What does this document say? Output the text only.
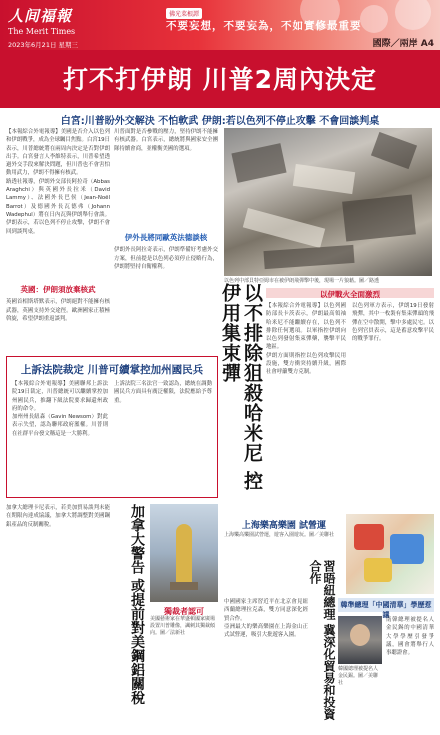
人间福報
The Merit Times
2023年6月21日 星期三
佛光菜根譚
不要妄想，不要妄為，不如實修最重要
國際／兩岸 A4
打不打伊朗 川普2周內決定
白宮:川普盼外交解決 不怕軟武 伊朗:若以色列不停止攻擊 不會回談判桌

【本報綜合外電報導】美國是否介入以色列和伊朗戰爭，成為全球矚目焦點。白宮19日表示，川普總統將在兩周內決定是否對伊朗出手。白宮發言人李維特表示，川普希望透過外交手段來解決問題，但川普也不會害怕動用武力，伊朗不得擁有核武。

路透社報導，伊朗外交部長阿拉奇（Abbas Araghchi）與英國外長拉米（David Lammy）、法國外長巴侯（Jean-Noël Barrot）及德國外長瓦德弗（Johann Wadephul）將在日內瓦與伊朗舉行會談。伊朗表示，若以色列不停止攻擊，伊朗不會回到談判桌。

英國：伊朗須放棄核武

英國首相斯塔默表示，伊朗絕對不能擁有核武器，英國支持外交途徑。歐洲國家正積極斡旋，希望伊朗重返談判。

川普面對是否參戰的壓力，堅持伊朗不能擁有核武器。白宮表示，總統將與國家安全團隊持續會商，並權衡美國的選項。

伊外長將同歐英法德談核

伊朗外長阿拉奇表示，伊朗準備好考慮外交方案，但前提是以色列必須停止侵略行為，伊朗將堅持自衛權利。

以色列中部貝特亞姆市在被伊朗飛彈擊中後，現場一片狼藉。圖／路透
以不排除狙殺哈米尼 控伊用集束彈	以伊戰火全面激烈

【本報綜合外電報導】以色列國防部長卡茨表示，伊朗最高領袖哈米尼不能繼續存在，以色列不排除任何選項。以軍指控伊朗向以色列發射集束彈藥，襲擊平民地區。

伊朗方面則指控以色列攻擊民用設施，雙方衝突持續升級，國際社會呼籲雙方克制。

以色列軍方表示，伊朗19日發射飛彈，其中一枚裝有集束彈頭的飛彈在空中散開，擊中多處民宅。以色列官員表示，這是蓄意攻擊平民的戰爭罪行。

上訴法院裁定 川普可續掌控加州國民兵

【本報綜合外電報導】美國聯邦上訴法院19日裁定，川普總統可以繼續掌控加州國民兵，推翻下級法院要求歸還州政府的命令。

加州州長紐森（Gavin Newsom）對此表示失望，認為聯邦政府濫權。川普則在社群平台發文稱這是一大勝利。

上訴法院三名法官一致認為，總統在調動國民兵方面具有廣泛權限，法院應給予尊重。

加拿大總理卡尼表示，若美加貿易談判未能在期限內達成協議，加拿大將調整對美國鋼鋁產品的反制關稅。	加拿大警告 或提前對美鋼鋁關稅	獨裁者認可
美國藝術家在華盛頓國家廣場設置川普雕像，諷刺其獨裁傾向。圖／法新社
上海樂高樂園 試營運
上海樂高樂園試營運，遊客入園遊玩。圖／美聯社

中國國家主席習近平在北京會見紐西蘭總理拉克森，雙方同意深化經貿合作。

亞洲最大的樂高樂園在上海金山正式試營運，吸引大批遊客入園。	習晤紐總理 冀深化貿易和投資合作
韓準總理「中國清華」學歷惹議
韓國總理被提名人金民錫。圖／美聯社

南韓總理被提名人金民錫的中國清華大學學歷引發爭議，國會將舉行人事聽證會。
